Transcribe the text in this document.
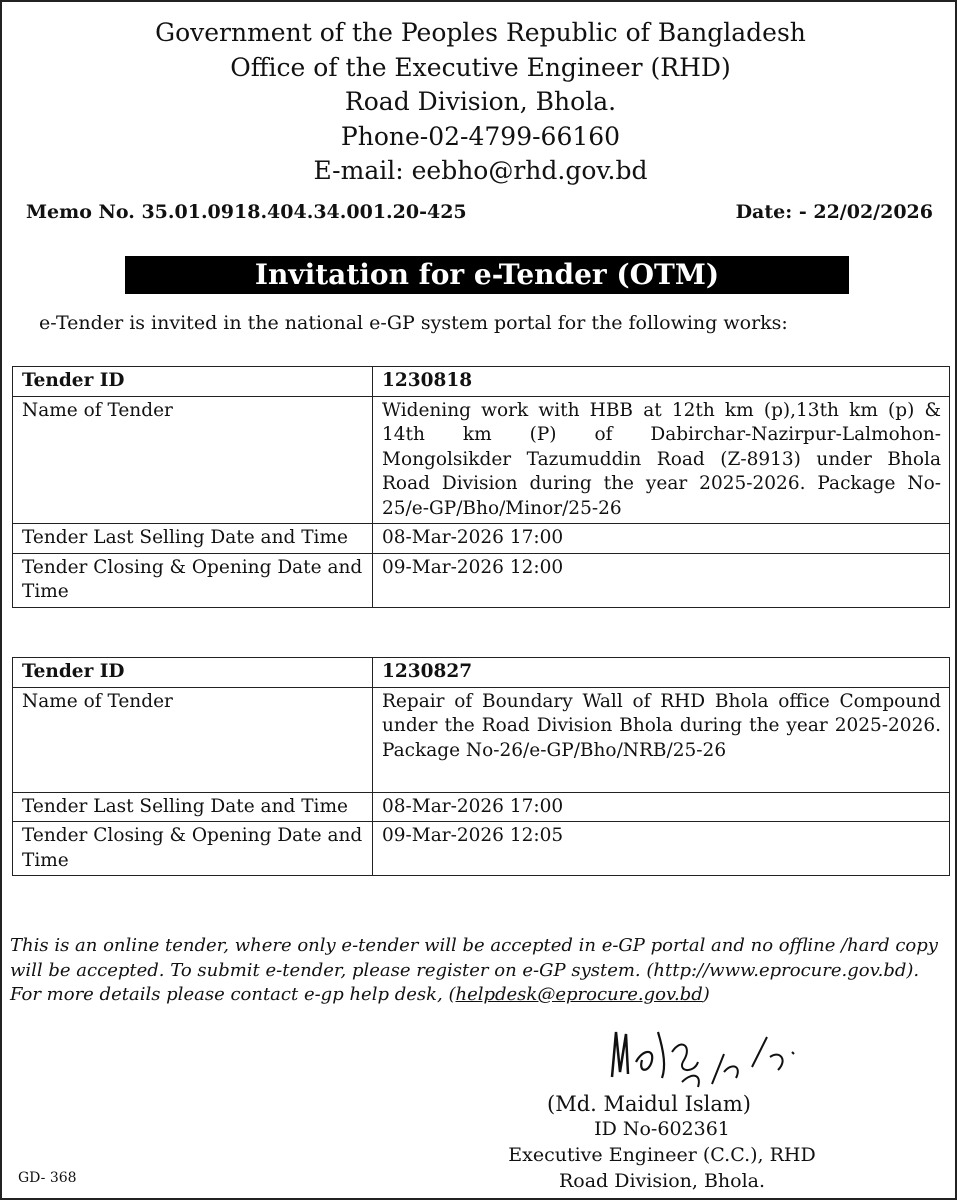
Government of the Peoples Republic of Bangladesh
Office of the Executive Engineer (RHD)
Road Division, Bhola.
Phone-02-4799-66160
E-mail: eebho@rhd.gov.bd
Memo No. 35.01.0918.404.34.001.20-425	Date: - 22/02/2026
Invitation for e-Tender (OTM)
e-Tender is invited in the national e-GP system portal for the following works:
Tender ID	1230818
Name of Tender	Widening work with HBB at 12th km (p),13th km (p) & 14th km (P) of Dabirchar-Nazirpur-Lalmohon-Mongolsikder Tazumuddin Road (Z-8913) under Bhola Road Division during the year 2025-2026. Package No-25/e-GP/Bho/Minor/25-26
Tender Last Selling Date and Time	08-Mar-2026 17:00
Tender Closing & Opening Date and Time	09-Mar-2026 12:00
Tender ID	1230827
Name of Tender	Repair of Boundary Wall of RHD Bhola office Compound under the Road Division Bhola during the year 2025-2026. Package No-26/e-GP/Bho/NRB/25-26
Tender Last Selling Date and Time	08-Mar-2026 17:00
Tender Closing & Opening Date and Time	09-Mar-2026 12:05
This is an online tender, where only e-tender will be accepted in e-GP portal and no offline /hard copy will be accepted. To submit e-tender, please register on e-GP system. (http://www.eprocure.gov.bd).
For more details please contact e-gp help desk, (helpdesk@eprocure.gov.bd)
(Md. Maidul Islam)
ID No-602361
Executive Engineer (C.C.), RHD
Road Division, Bhola.
GD- 368
